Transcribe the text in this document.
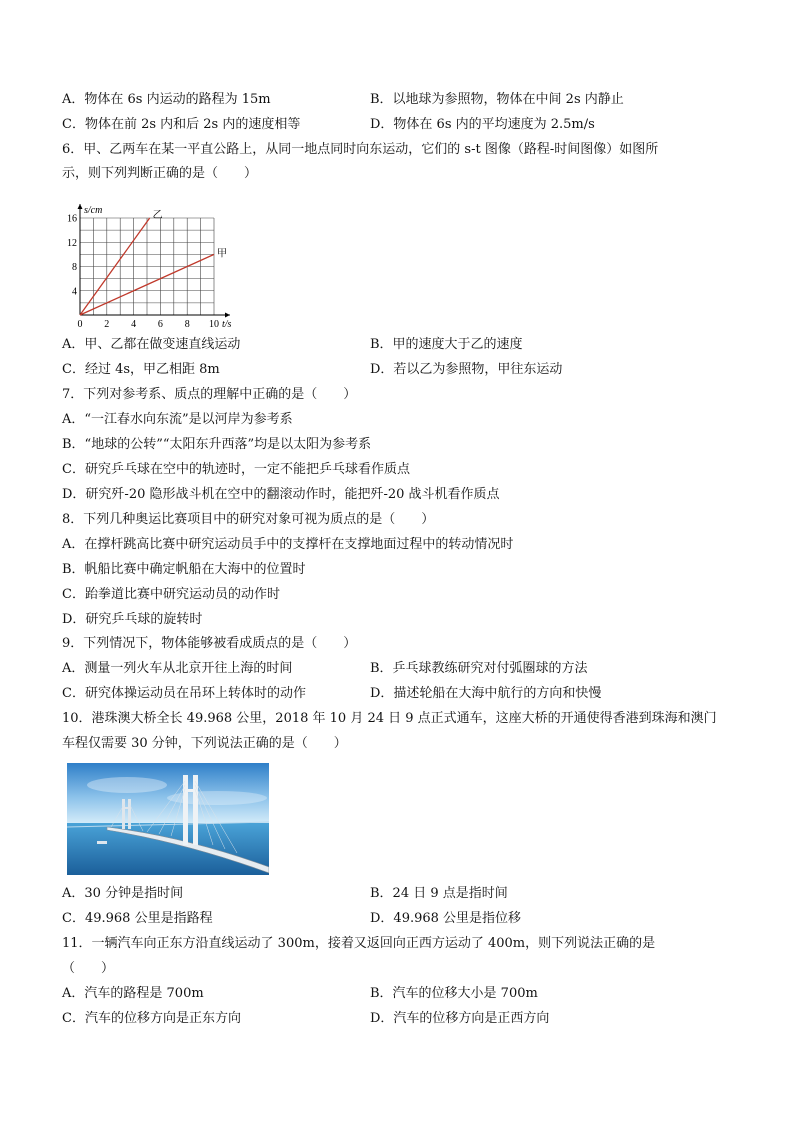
A．物体在 6s 内运动的路程为 15m	B．以地球为参照物，物体在中间 2s 内静止
C．物体在前 2s 内和后 2s 内的速度相等	D．物体在 6s 内的平均速度为 2.5m/s
6．甲、乙两车在某一平直公路上，从同一地点同时向东运动，它们的 s-t 图像（路程-时间图像）如图所
示，则下列判断正确的是（　　）
0 2 4 6 8 10
4
8
12
16
t/s
s/cm	乙
甲
A．甲、乙都在做变速直线运动	B．甲的速度大于乙的速度
C．经过 4s，甲乙相距 8m	D．若以乙为参照物，甲往东运动
7．下列对参考系、质点的理解中正确的是（　　）
A．“一江春水向东流”是以河岸为参考系
B．“地球的公转”“太阳东升西落”均是以太阳为参考系
C．研究乒乓球在空中的轨迹时，一定不能把乒乓球看作质点
D．研究歼-20 隐形战斗机在空中的翻滚动作时，能把歼-20 战斗机看作质点
8．下列几种奥运比赛项目中的研究对象可视为质点的是（　　）
A．在撑杆跳高比赛中研究运动员手中的支撑杆在支撑地面过程中的转动情况时
B．帆船比赛中确定帆船在大海中的位置时
C．跆拳道比赛中研究运动员的动作时
D．研究乒乓球的旋转时
9．下列情况下，物体能够被看成质点的是（　　）
A．测量一列火车从北京开往上海的时间	B．乒乓球教练研究对付弧圈球的方法
C．研究体操运动员在吊环上转体时的动作	D．描述轮船在大海中航行的方向和快慢
10．港珠澳大桥全长 49.968 公里，2018 年 10 月 24 日 9 点正式通车，这座大桥的开通使得香港到珠海和澳门
车程仅需要 30 分钟，下列说法正确的是（　　）
A．30 分钟是指时间	B．24 日 9 点是指时间
C．49.968 公里是指路程	D．49.968 公里是指位移
11．一辆汽车向正东方沿直线运动了 300m，接着又返回向正西方运动了 400m，则下列说法正确的是
（　　）
A．汽车的路程是 700m	B．汽车的位移大小是 700m
C．汽车的位移方向是正东方向	D．汽车的位移方向是正西方向
